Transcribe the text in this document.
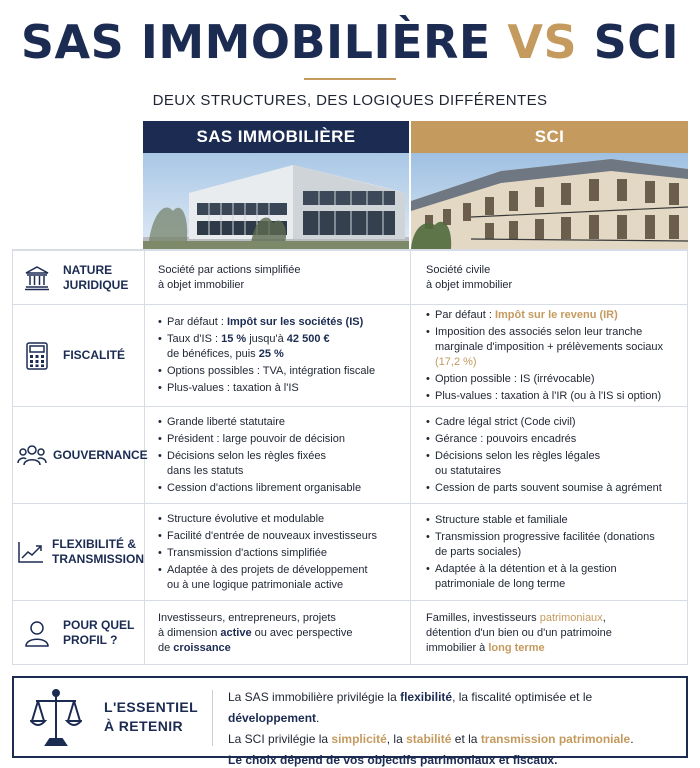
SAS IMMOBILIÈRE VS SCI
DEUX STRUCTURES, DES LOGIQUES DIFFÉRENTES
SAS IMMOBILIÈRE	SCI
NATURE
JURIDIQUE
Société par actions simplifiée
à objet immobilier
Société civile
à objet immobilier
FISCALITÉ
• Par défaut : Impôt sur les sociétés (IS)
• Taux d'IS : 15 % jusqu'à 42 500 €
de bénéfices, puis 25 %
• Options possibles : TVA, intégration fiscale
• Plus-values : taxation à l'IS
• Par défaut : Impôt sur le revenu (IR)
• Imposition des associés selon leur tranche
marginale d'imposition + prélèvements sociaux (17,2 %)
• Option possible : IS (irrévocable)
• Plus-values : taxation à l'IR (ou à l'IS si option)
GOUVERNANCE
• Grande liberté statutaire
• Président : large pouvoir de décision
• Décisions selon les règles fixées
dans les statuts
• Cession d'actions librement organisable
• Cadre légal strict (Code civil)
• Gérance : pouvoirs encadrés
• Décisions selon les règles légales
ou statutaires
• Cession de parts souvent soumise à agrément
FLEXIBILITÉ &
TRANSMISSION
• Structure évolutive et modulable
• Facilité d'entrée de nouveaux investisseurs
• Transmission d'actions simplifiée
• Adaptée à des projets de développement
ou à une logique patrimoniale active
• Structure stable et familiale
• Transmission progressive facilitée (donations
de parts sociales)
• Adaptée à la détention et à la gestion
patrimoniale de long terme
POUR QUEL
PROFIL ?
Investisseurs, entrepreneurs, projets
à dimension active ou avec perspective
de croissance
Familles, investisseurs patrimoniaux,
détention d'un bien ou d'un patrimoine
immobilier à long terme
L'ESSENTIEL
À RETENIR
La SAS immobilière privilégie la flexibilité, la fiscalité optimisée et le développement.
La SCI privilégie la simplicité, la stabilité et la transmission patrimoniale.
Le choix dépend de vos objectifs patrimoniaux et fiscaux.
